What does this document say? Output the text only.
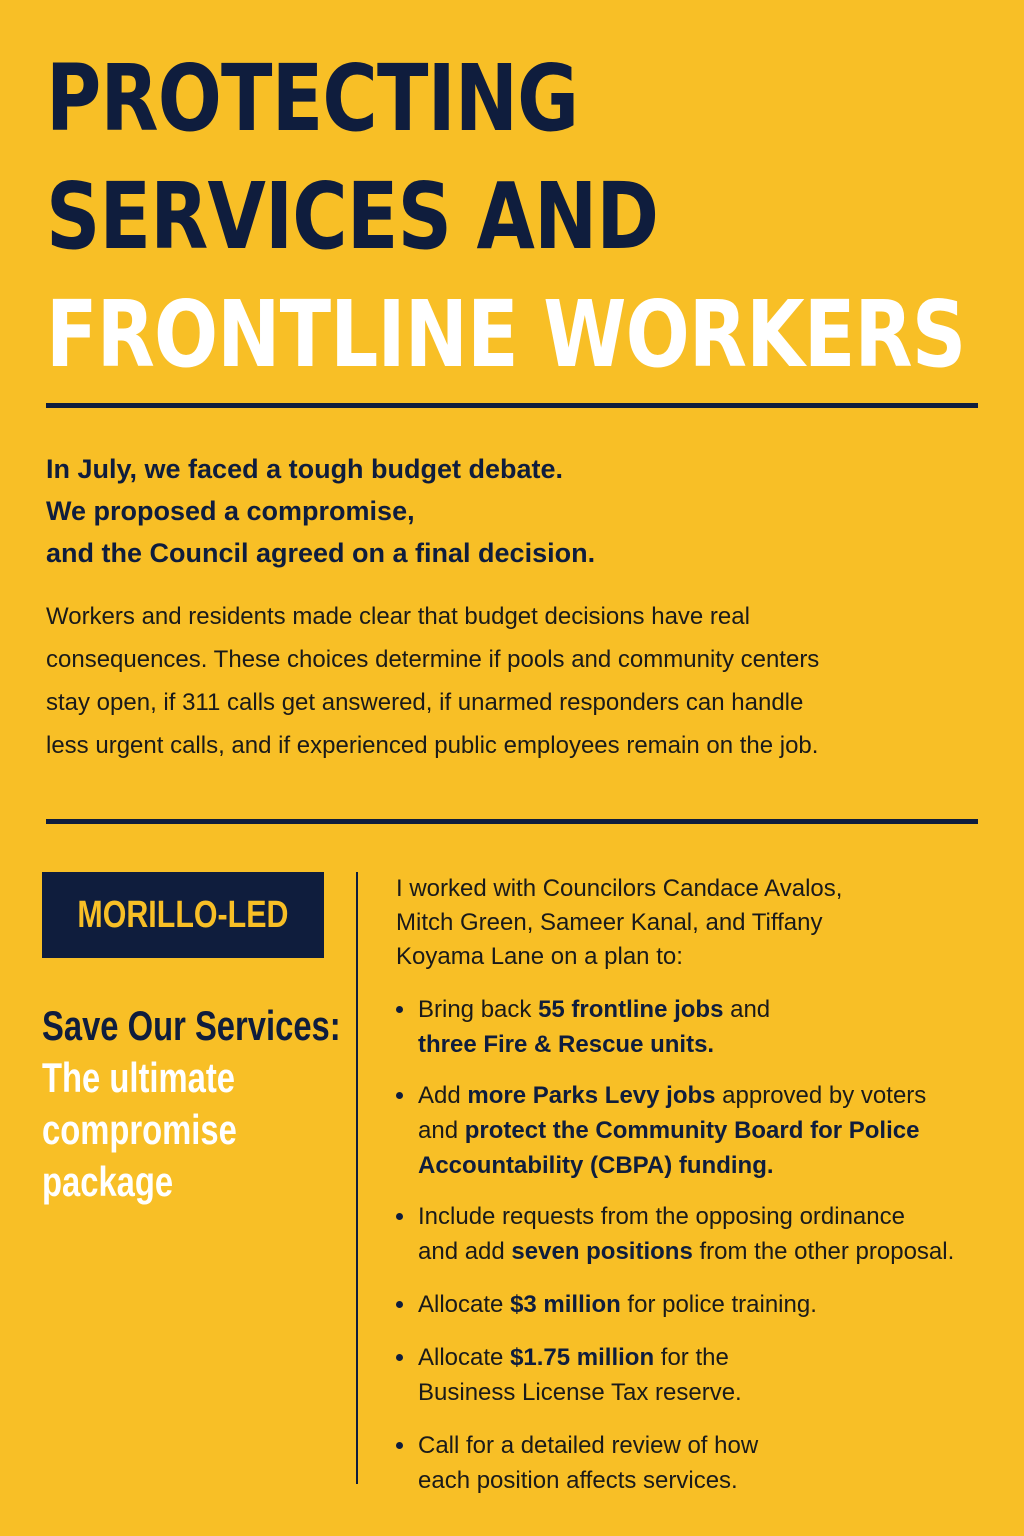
PROTECTING
SERVICES AND
FRONTLINE WORKERS

In July, we faced a tough budget debate.
We proposed a compromise,
and the Council agreed on a final decision.

Workers and residents made clear that budget decisions have real
consequences. These choices determine if pools and community centers
stay open, if 311 calls get answered, if unarmed responders can handle
less urgent calls, and if experienced public employees remain on the job.

MORILLO-LED
Save Our Services:
The ultimate
compromise
package

I worked with Councilors Candace Avalos,
Mitch Green, Sameer Kanal, and Tiffany
Koyama Lane on a plan to:

Bring back 55 frontline jobs and
three Fire & Rescue units.
Add more Parks Levy jobs approved by voters
and protect the Community Board for Police
Accountability (CBPA) funding.
Include requests from the opposing ordinance
and add seven positions from the other proposal.
Allocate $3 million for police training.
Allocate $1.75 million for the
Business License Tax reserve.
Call for a detailed review of how
each position affects services.
